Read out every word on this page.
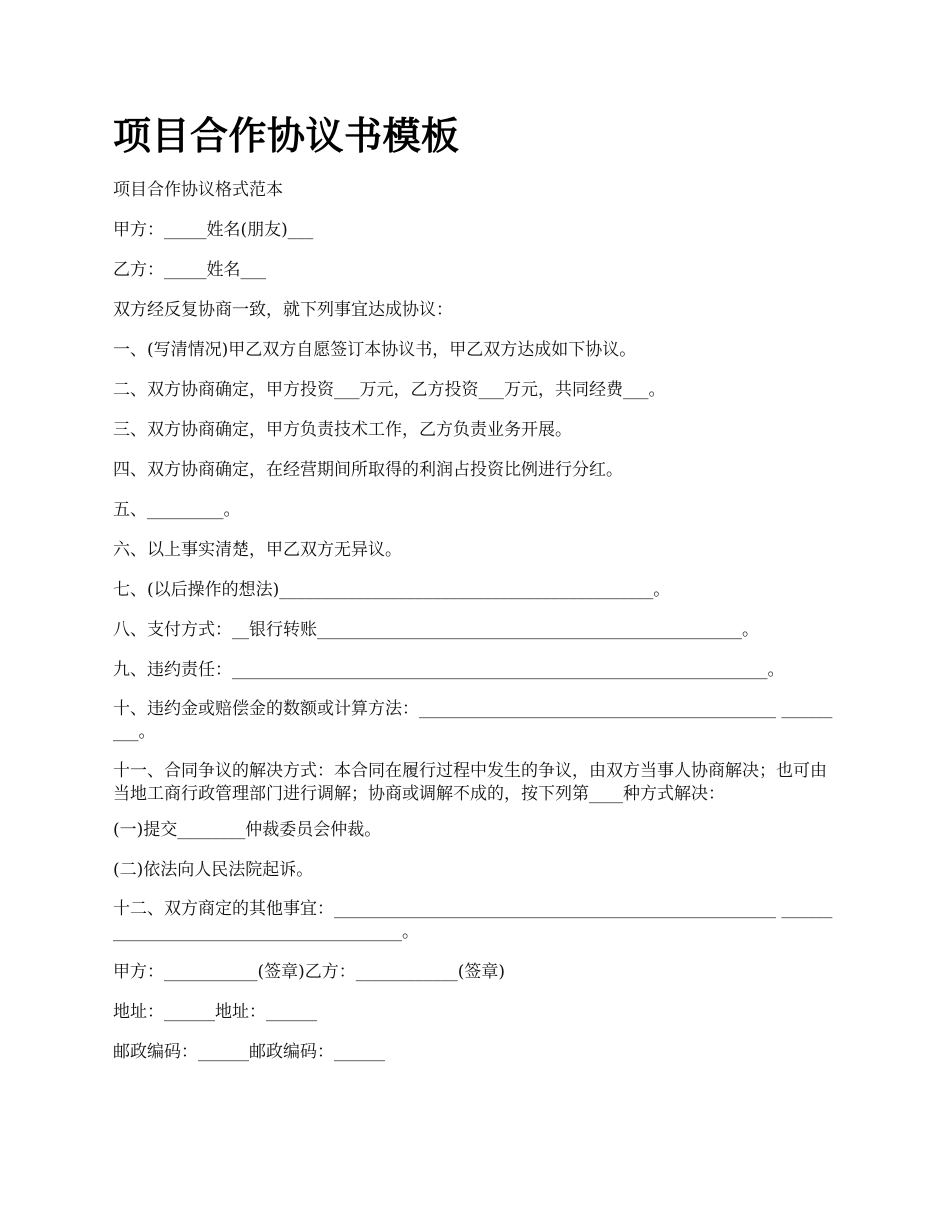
项目合作协议书模板

项目合作协议格式范本

甲方：_____姓名(朋友)___

乙方：_____姓名___

双方经反复协商一致，就下列事宜达成协议：

一、(写清情况)甲乙双方自愿签订本协议书，甲乙双方达成如下协议。

二、双方协商确定，甲方投资___万元，乙方投资___万元，共同经费___。

三、双方协商确定，甲方负责技术工作，乙方负责业务开展。

四、双方协商确定，在经营期间所取得的利润占投资比例进行分红。

五、_________。

六、以上事实清楚，甲乙双方无异议。

七、(以后操作的想法)____________________________________________。

八、支付方式：__银行转账__________________________________________________。

九、违约责任：_______________________________________________________________。

十、违约金或赔偿金的数额或计算方法：__________________________________________ _________。

十一、合同争议的解决方式：本合同在履行过程中发生的争议，由双方当事人协商解决；也可由当地工商行政管理部门进行调解；协商或调解不成的，按下列第____种方式解决：

(一)提交________仲裁委员会仲裁。

(二)依法向人民法院起诉。

十二、双方商定的其他事宜：____________________________________________________ ________________________________________。

甲方：___________(签章)乙方：____________(签章)

地址：______地址：______

邮政编码：______邮政编码：______
